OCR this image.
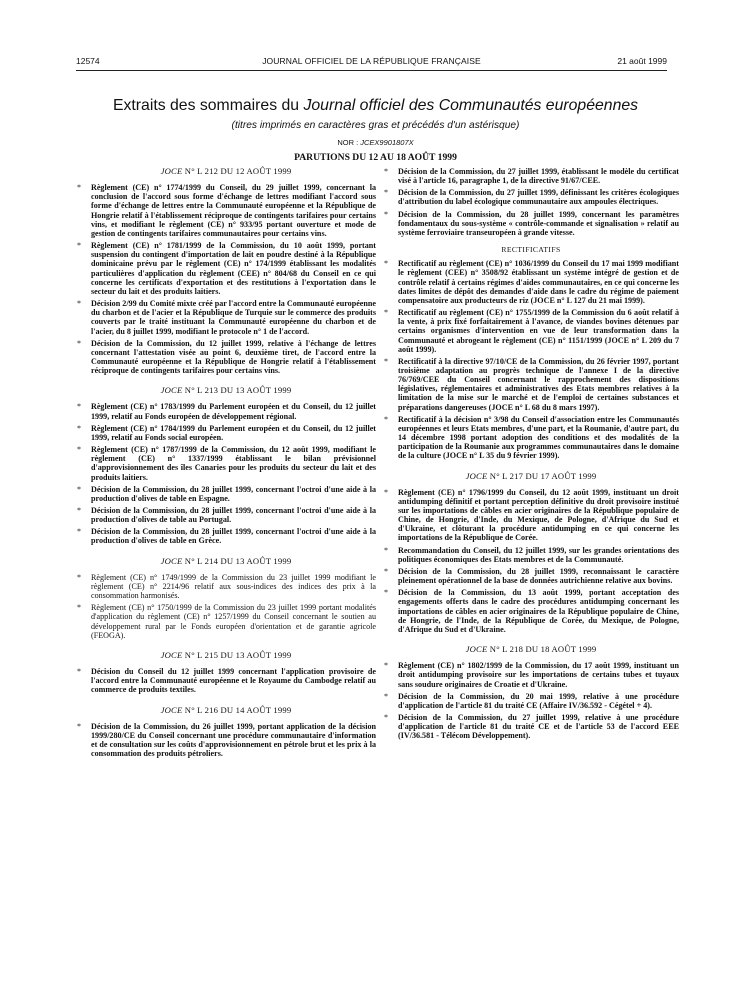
12574	JOURNAL OFFICIEL DE LA RÉPUBLIQUE FRANÇAISE	21 août 1999
Extraits des sommaires du Journal officiel des Communautés européennes
(titres imprimés en caractères gras et précédés d'un astérisque)
NOR : JCEX9901807X
PARUTIONS DU 12 AU 18 AOÛT 1999
JOCE N° L 212 DU 12 AOÛT 1999
* Règlement (CE) n° 1774/1999 du Conseil, du 29 juillet 1999, concernant la conclusion de l'accord sous forme d'échange de lettres modifiant l'accord sous forme d'échange de lettres entre la Communauté européenne et la République de Hongrie relatif à l'établissement réciproque de contingents tarifaires pour certains vins, et modifiant le règlement (CE) n° 933/95 portant ouverture et mode de gestion de contingents tarifaires communautaires pour certains vins.
* Règlement (CE) n° 1781/1999 de la Commission, du 10 août 1999, portant suspension du contingent d'importation de lait en poudre destiné à la République dominicaine prévu par le règlement (CE) n° 174/1999 établissant les modalités particulières d'application du règlement (CEE) n° 804/68 du Conseil en ce qui concerne les certificats d'exportation et des restitutions à l'exportation dans le secteur du lait et des produits laitiers.
* Décision 2/99 du Comité mixte créé par l'accord entre la Communauté européenne du charbon et de l'acier et la République de Turquie sur le commerce des produits couverts par le traité instituant la Communauté européenne du charbon et de l'acier, du 8 juillet 1999, modifiant le protocole n° 1 de l'accord.
* Décision de la Commission, du 12 juillet 1999, relative à l'échange de lettres concernant l'attestation visée au point 6, deuxième tiret, de l'accord entre la Communauté européenne et la République de Hongrie relatif à l'établissement réciproque de contingents tarifaires pour certains vins.
JOCE N° L 213 DU 13 AOÛT 1999
* Règlement (CE) n° 1783/1999 du Parlement européen et du Conseil, du 12 juillet 1999, relatif au Fonds européen de développement régional.
* Règlement (CE) n° 1784/1999 du Parlement européen et du Conseil, du 12 juillet 1999, relatif au Fonds social européen.
* Règlement (CE) n° 1787/1999 de la Commission, du 12 août 1999, modifiant le règlement (CE) n° 1337/1999 établissant le bilan prévisionnel d'approvisionnement des îles Canaries pour les produits du secteur du lait et des produits laitiers.
* Décision de la Commission, du 28 juillet 1999, concernant l'octroi d'une aide à la production d'olives de table en Espagne.
* Décision de la Commission, du 28 juillet 1999, concernant l'octroi d'une aide à la production d'olives de table au Portugal.
* Décision de la Commission, du 28 juillet 1999, concernant l'octroi d'une aide à la production d'olives de table en Grèce.
JOCE N° L 214 DU 13 AOÛT 1999
* Règlement (CE) n° 1749/1999 de la Commission du 23 juillet 1999 modifiant le règlement (CE) n° 2214/96 relatif aux sous-indices des indices des prix à la consommation harmonisés.
* Règlement (CE) n° 1750/1999 de la Commission du 23 juillet 1999 portant modalités d'application du règlement (CE) n° 1257/1999 du Conseil concernant le soutien au développement rural par le Fonds européen d'orientation et de garantie agricole (FEOGA).
JOCE N° L 215 DU 13 AOÛT 1999
* Décision du Conseil du 12 juillet 1999 concernant l'application provisoire de l'accord entre la Communauté européenne et le Royaume du Cambodge relatif au commerce de produits textiles.
JOCE N° L 216 DU 14 AOÛT 1999
* Décision de la Commission, du 26 juillet 1999, portant application de la décision 1999/280/CE du Conseil concernant une procédure communautaire d'information et de consultation sur les coûts d'approvisionnement en pétrole brut et les prix à la consommation des produits pétroliers.
* Décision de la Commission, du 27 juillet 1999, établissant le modèle du certificat visé à l'article 16, paragraphe 1, de la directive 91/67/CEE.
* Décision de la Commission, du 27 juillet 1999, définissant les critères écologiques d'attribution du label écologique communautaire aux ampoules électriques.
* Décision de la Commission, du 28 juillet 1999, concernant les paramètres fondamentaux du sous-système « contrôle-commande et signalisation » relatif au système ferroviaire transeuropéen à grande vitesse.
RECTIFICATIFS
* Rectificatif au règlement (CE) n° 1036/1999 du Conseil du 17 mai 1999 modifiant le règlement (CEE) n° 3508/92 établissant un système intégré de gestion et de contrôle relatif à certains régimes d'aides communautaires, en ce qui concerne les dates limites de dépôt des demandes d'aide dans le cadre du régime de paiement compensatoire aux producteurs de riz (JOCE n° L 127 du 21 mai 1999).
* Rectificatif au règlement (CE) n° 1755/1999 de la Commission du 6 août relatif à la vente, à prix fixé forfaitairement à l'avance, de viandes bovines détenues par certains organismes d'intervention en vue de leur transformation dans la Communauté et abrogeant le règlement (CE) n° 1151/1999 (JOCE n° L 209 du 7 août 1999).
* Rectificatif à la directive 97/10/CE de la Commission, du 26 février 1997, portant troisième adaptation au progrès technique de l'annexe I de la directive 76/769/CEE du Conseil concernant le rapprochement des dispositions législatives, réglementaires et administratives des Etats membres relatives à la limitation de la mise sur le marché et de l'emploi de certaines substances et préparations dangereuses (JOCE n° L 68 du 8 mars 1997).
* Rectificatif à la décision n° 3/98 du Conseil d'association entre les Communautés européennes et leurs Etats membres, d'une part, et la Roumanie, d'autre part, du 14 décembre 1998 portant adoption des conditions et des modalités de la participation de la Roumanie aux programmes communautaires dans le domaine de la culture (JOCE n° L 35 du 9 février 1999).
JOCE N° L 217 DU 17 AOÛT 1999
* Règlement (CE) n° 1796/1999 du Conseil, du 12 août 1999, instituant un droit antidumping définitif et portant perception définitive du droit provisoire institué sur les importations de câbles en acier originaires de la République populaire de Chine, de Hongrie, d'Inde, du Mexique, de Pologne, d'Afrique du Sud et d'Ukraine, et clôturant la procédure antidumping en ce qui concerne les importations de la République de Corée.
* Recommandation du Conseil, du 12 juillet 1999, sur les grandes orientations des politiques économiques des Etats membres et de la Communauté.
* Décision de la Commission, du 28 juillet 1999, reconnaissant le caractère pleinement opérationnel de la base de données autrichienne relative aux bovins.
* Décision de la Commission, du 13 août 1999, portant acceptation des engagements offerts dans le cadre des procédures antidumping concernant les importations de câbles en acier originaires de la République populaire de Chine, de Hongrie, de l'Inde, de la République de Corée, du Mexique, de Pologne, d'Afrique du Sud et d'Ukraine.
JOCE N° L 218 DU 18 AOÛT 1999
* Règlement (CE) n° 1802/1999 de la Commission, du 17 août 1999, instituant un droit antidumping provisoire sur les importations de certains tubes et tuyaux sans soudure originaires de Croatie et d'Ukraine.
* Décision de la Commission, du 20 mai 1999, relative à une procédure d'application de l'article 81 du traité CE (Affaire IV/36.592 - Cégétel + 4).
* Décision de la Commission, du 27 juillet 1999, relative à une procédure d'application de l'article 81 du traité CE et de l'article 53 de l'accord EEE (IV/36.581 - Télécom Développement).
